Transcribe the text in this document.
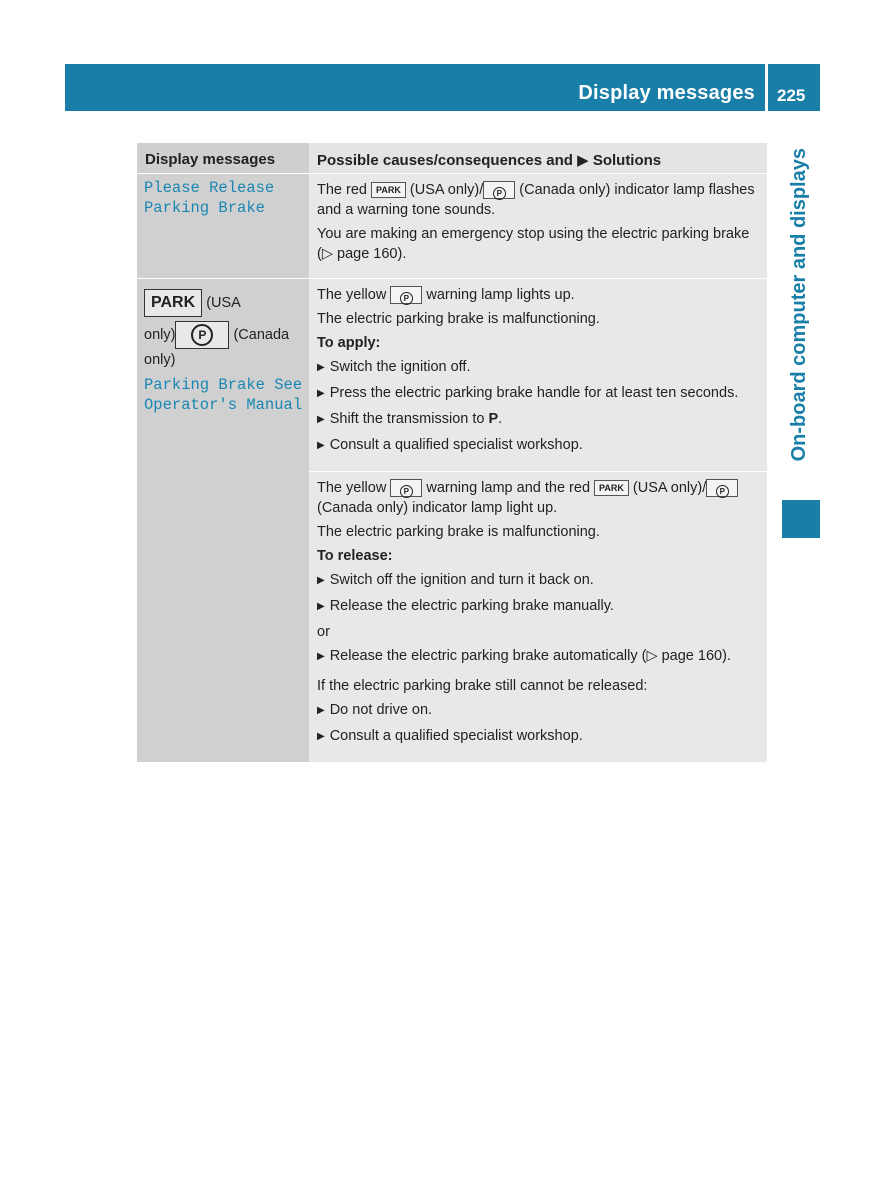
Display messages 225
On-board computer and displays
Display messages	Possible causes/consequences and ▶ Solutions
Please Release
Parking Brake

The red PARK (USA only)/ P (Canada only) indicator lamp flashes and a warning tone sounds.

You are making an emergency stop using the electric parking brake (▷ page 160).

PARK (USA
only) P (Canada
only)
Parking Brake See
Operator's Manual

The yellow P warning lamp lights up.

The electric parking brake is malfunctioning.

To apply:

▶ Switch the ignition off.

▶ Press the electric parking brake handle for at least ten seconds.

▶ Shift the transmission to P.

▶ Consult a qualified specialist workshop.

The yellow P warning lamp and the red PARK (USA only)/ P (Canada only) indicator lamp light up.

The electric parking brake is malfunctioning.

To release:

▶ Switch off the ignition and turn it back on.

▶ Release the electric parking brake manually.

or

▶ Release the electric parking brake automatically (▷ page 160).

If the electric parking brake still cannot be released:

▶ Do not drive on.

▶ Consult a qualified specialist workshop.
